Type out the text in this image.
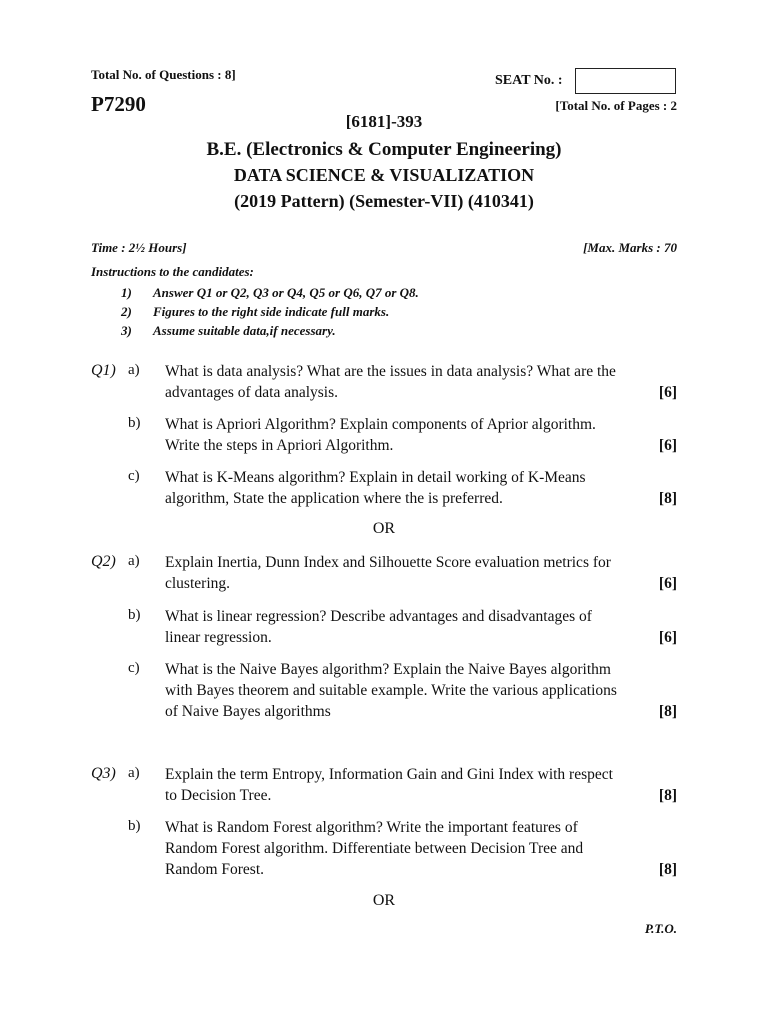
Total No. of Questions : 8]
P7290
SEAT No. :
[Total No. of Pages : 2
[6181]-393
B.E. (Electronics & Computer Engineering)
DATA SCIENCE & VISUALIZATION
(2019 Pattern) (Semester-VII) (410341)
Time : 2½ Hours]	[Max. Marks : 70
Instructions to the candidates:
1) Answer Q1 or Q2, Q3 or Q4, Q5 or Q6, Q7 or Q8.
2) Figures to the right side indicate full marks.
3) Assume suitable data,if necessary.
Q1) a) What is data analysis? What are the issues in data analysis? What are the
advantages of data analysis.	[6]
b) What is Apriori Algorithm? Explain components of Aprior algorithm.
Write the steps in Apriori Algorithm.	[6]
c) What is K-Means algorithm? Explain in detail working of K-Means
algorithm, State the application where the is preferred.	[8]
OR
Q2) a) Explain Inertia, Dunn Index and Silhouette Score evaluation metrics for
clustering.	[6]
b) What is linear regression? Describe advantages and disadvantages of
linear regression.	[6]
c) What is the Naive Bayes algorithm? Explain the Naive Bayes algorithm
with Bayes theorem and suitable example. Write the various applications
of Naive Bayes algorithms	[8]
Q3) a) Explain the term Entropy, Information Gain and Gini Index with respect
to Decision Tree.	[8]
b) What is Random Forest algorithm? Write the important features of
Random Forest algorithm. Differentiate between Decision Tree and
Random Forest.	[8]
OR
P.T.O.
